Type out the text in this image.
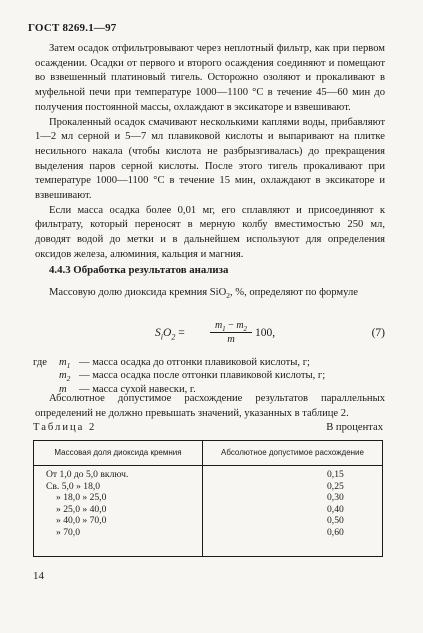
ГОСТ 8269.1—97

Затем осадок отфильтровывают через неплотный фильтр, как при первом осаждении. Осадки от первого и второго осаждения соединяют и помещают во взвешенный платиновый тигель. Осторожно озоляют и прокаливают в муфельной печи при температуре 1000—1100 °С в течение 45—60 мин до получения постоянной массы, охлаждают в эксикаторе и взвешивают.

Прокаленный осадок смачивают несколькими каплями воды, прибавляют 1—2 мл серной и 5—7 мл плавиковой кислоты и выпаривают на плитке несильного накала (чтобы кислота не разбрызгивалась) до прекращения выделения паров серной кислоты. После этого тигель прокаливают при температуре 1000—1100 °С в течение 15 мин, охлаждают в эксикаторе и взвешивают.

Если масса осадка более 0,01 мг, его сплавляют и присоединяют к фильтрату, который переносят в мерную колбу вместимостью 250 мл, доводят водой до метки и в дальнейшем используют для определения оксидов железа, алюминия, кальция и магния.

4.4.3 Обработка результатов анализа

Массовую долю диоксида кремния SiO$_2$, %, определяют по формуле

$S_iO_2$ =	$\frac{m_1 - m_2}{m} 100$,	(7)
где	$m_1$ — масса осадка до отгонки плавиковой кислоты, г;
$m_2$ — масса осадка после отгонки плавиковой кислоты, г;
m	— масса сухой навески, г.

Абсолютное допустимое расхождение результатов параллельных определений не должно превышать значений, указанных в таблице 2.

Таблица 2	В процентах
Массовая доля диоксида кремния	Абсолютное допустимое расхождение
От 1,0 до 5,0 включ.	0,15
Св. 5,0 » 18,0	0,25
» 18,0 » 25,0	0,30
» 25,0 » 40,0	0,40
» 40,0 » 70,0	0,50
» 70,0	0,60
14
